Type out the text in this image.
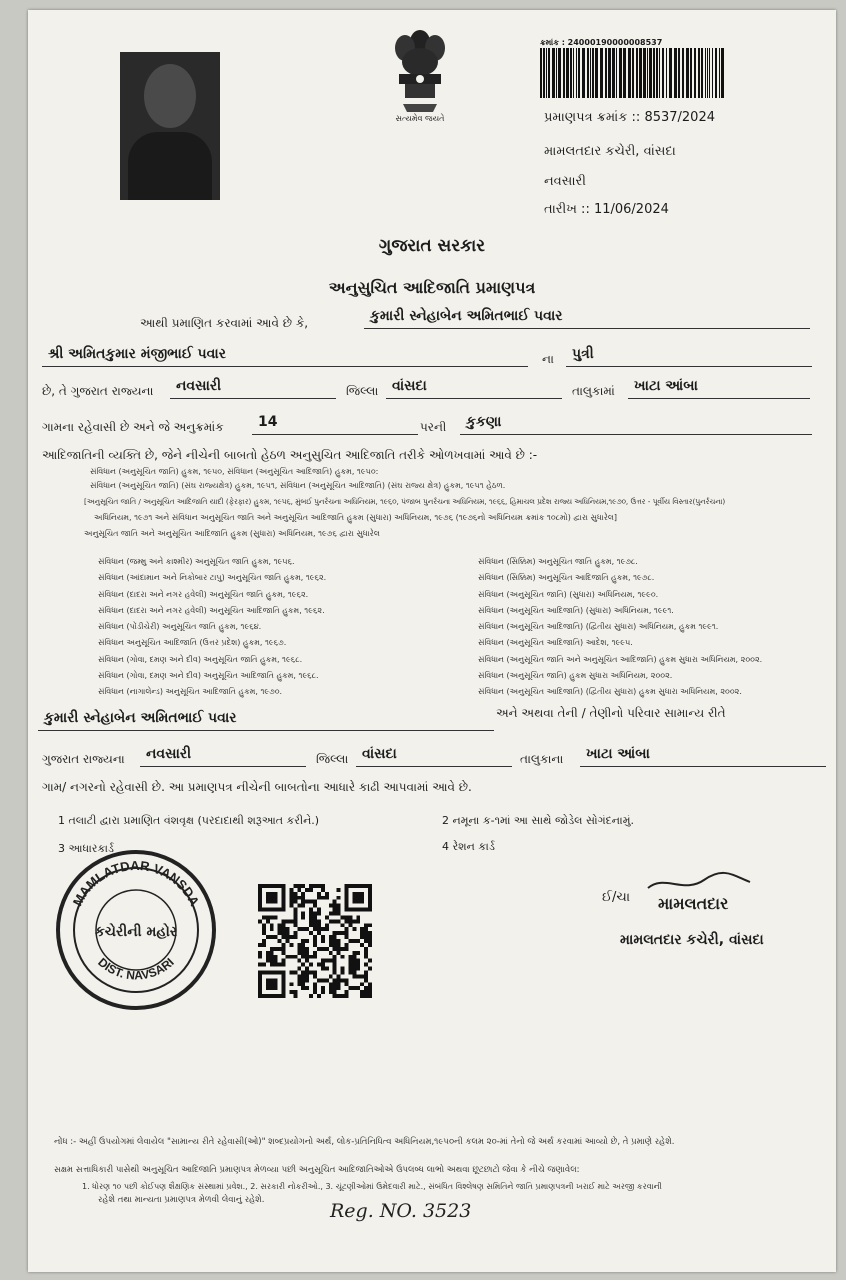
સત્યમેવ જયતે
ક્રમાંક : 24000190000008537
પ્રમાણપત્ર ક્રમાંક :: 8537/2024
મામલતદાર કચેરી, વાંસદા
નવસારી
તારીખ :: 11/06/2024
ગુજરાત સરકાર
અનુસુચિત આદિજાતિ પ્રમાણપત્ર
આથી પ્રમાણિત કરવામાં આવે છે કે,	કુમારી સ્નેહાબેન અમિતભાઈ પવાર
શ્રી અમિતકુમાર મંજીભાઈ પવાર	ના	પુત્રી
છે, તે ગુજરાત રાજ્યના	નવસારી	જિલ્લા વાંસદા	તાલુકામાં	ખાટા આંબા
ગામના રહેવાસી છે અને જે અનુક્રમાંક	14	પરની	કુકણા
આદિજાતિની વ્યક્તિ છે, જેને નીચેની બાબતો હેઠળ અનુસુચિત આદિજાતિ તરીકે ઓળખવામાં આવે છે :-
સંવિધાન (અનુસૂચિત જાતિ) હુકમ, ૧૯૫૦, સંવિધાન (અનુસૂચિત આદિજાતિ) હુકમ, ૧૯૫૦:
સંવિધાન (અનુસૂચિત જાતિ) (સંઘ રાજ્યક્ષેત્ર) હુકમ, ૧૯૫૧, સંવિધાન (અનુસૂચિત આદિજાતિ) (સંઘ રાજ્ય ક્ષેત્ર) હુકમ, ૧૯૫૧ હેઠળ.
[અનુસૂચિત જાતિ / અનુસૂચિત આદિજાતિ યાદી (ફેરફાર) હુકમ, ૧૯૫૬, મુંબઈ પુનર્રચના અધિનિયમ, ૧૯૬૦, પંજાબ પુનર્રચના અધિનિયમ, ૧૯૬૬, હિમાચલ પ્રદેશ રાજ્ય અધિનિયમ,૧૯૭૦, ઉત્તર - પૂર્વીય વિસ્તાર(પુનર્રચના)
અધિનિયમ, ૧૯૭૧ અને સંવિધાન અનુસૂચિત જાતિ અને અનુસૂચિત આદિજાતિ હુકમ (સુધારા) અધિનિયમ, ૧૯૭૬ (૧૯૭૬નો અધિનિયમ ક્રમાંક ૧૦૮મો) દ્વારા સુધારેલ]
અનુસૂચિત જાતિ અને અનુસૂચિત આદિજાતિ હુકમ (સુધારા) અધિનિયમ, ૧૯૭૬ દ્વારા સુધારેલ
સંવિધાન (જમ્મુ અને કાશ્મીર) અનુસૂચિત જાતિ હુકમ, ૧૯૫૬.
સંવિધાન (આંદામાન અને નિકોબાર ટાપુ) અનુસૂચિત જાતિ હુકમ, ૧૯૬૨.
સંવિધાન (દાદરા અને નગર હવેલી) અનુસૂચિત જાતિ હુકમ, ૧૯૬૨.
સંવિધાન (દાદરા અને નગર હવેલી) અનુસૂચિત આદિજાતિ હુકમ, ૧૯૬૨.
સંવિધાન (પોંડીચેરી) અનુસૂચિત જાતિ હુકમ, ૧૯૬૪.
સંવિધાન અનુસૂચિત આદિજાતિ (ઉત્તર પ્રદેશ) હુકમ, ૧૯૬૭.
સંવિધાન (ગોવા, દમણ અને દીવ) અનુસૂચિત જાતિ હુકમ, ૧૯૬૮.
સંવિધાન (ગોવા, દમણ અને દીવ) અનુસૂચિત આદિજાતિ હુકમ, ૧૯૬૮.
સંવિધાન (નાગાલેન્ડ) અનુસૂચિત આદિજાતિ હુકમ, ૧૯૭૦.
સંવિધાન (સિક્કિમ) અનુસૂચિત જાતિ હુકમ, ૧૯૭૮.
સંવિધાન (સિક્કિમ) અનુસૂચિત આદિજાતિ હુકમ, ૧૯૭૮.
સંવિધાન (અનુસૂચિત જાતિ) (સુધારા) અધિનિયમ, ૧૯૯૦.
સંવિધાન (અનુસૂચિત આદિજાતિ) (સુધારા) અધિનિયમ, ૧૯૯૧.
સંવિધાન (અનુસૂચિત આદિજાતિ) (દ્વિતીય સુધારા) અધિનિયમ, હુકમ ૧૯૯૧.
સંવિધાન (અનુસૂચિત આદિજાતિ) આદેશ, ૧૯૯૫.
સંવિધાન (અનુસૂચિત જાતિ અને અનુસૂચિત આદિજાતિ) હુકમ સુધારા અધિનિયમ, ૨૦૦૨.
સંવિધાન (અનુસૂચિત જાતિ) હુકમ સુધારા અધિનિયમ, ૨૦૦૨.
સંવિધાન (અનુસૂચિત આદિજાતિ) (દ્વિતીય સુધારા) હુકમ સુધારા અધિનિયમ, ૨૦૦૨.
કુમારી સ્નેહાબેન અમિતભાઈ પવાર	અને અથવા તેની / તેણીનો પરિવાર સામાન્ય રીતે
ગુજરાત રાજ્યના	નવસારી	જિલ્લા વાંસદા	તાલુકાના	ખાટા આંબા
ગામ/ નગરનો રહેવાસી છે. આ પ્રમાણપત્ર નીચેની બાબતોના આધારે કાઢી આપવામાં આવે છે.
1 તલાટી દ્વારા પ્રમાણિત વંશવૃક્ષ (પરદાદાથી શરૂઆત કરીને.)	2 નમૂના ક-૧માં આ સાથે જોડેલ સોગંદનામું.
3 આધારકાર્ડ	4 રેશન કાર્ડ
MAMLATDAR VANSDA
DIST. NAVSARI
કચેરીની મહોર
ઈ/ચા મામલતદાર
મામલતદાર કચેરી, વાંસદા
નોંધ :- અહીં ઉપયોગમાં લેવાયેલ "સામાન્ય રીતે રહેવાસી(ઓ)" શબ્દપ્રયોગનો અર્થ, લોક-પ્રતિનિધિત્વ અધિનિયમ,૧૯૫૦ની કલમ ૨૦-માં તેનો જે અર્થ કરવામાં આવ્યો છે, તે પ્રમાણે રહેશે.
સક્ષમ સત્તાધિકારી પાસેથી અનુસૂચિત આદિજાતિ પ્રમાણપત્ર મેળવ્યા પછી અનુસૂચિત આદિજાતિઓએ ઉપલબ્ધ લાભો અથવા છૂટછાટો જેવા કે નીચે જણાવેલ:
1. ધોરણ ૧૦ પછી કોઈપણ શૈક્ષણિક સંસ્થામાં પ્રવેશ., 2. સરકારી નોકરીઓ., 3. ચૂંટણીઓમાં ઉમેદવારી માટે., સંબંધિત વિશ્લેષણ સમિતિને જાતિ પ્રમાણપત્રની ખરાઈ માટે અરજી કરવાની
રહેશે તથા માન્યતા પ્રમાણપત્ર મેળવી લેવાનું રહેશે.	Reg. NO. 3523
